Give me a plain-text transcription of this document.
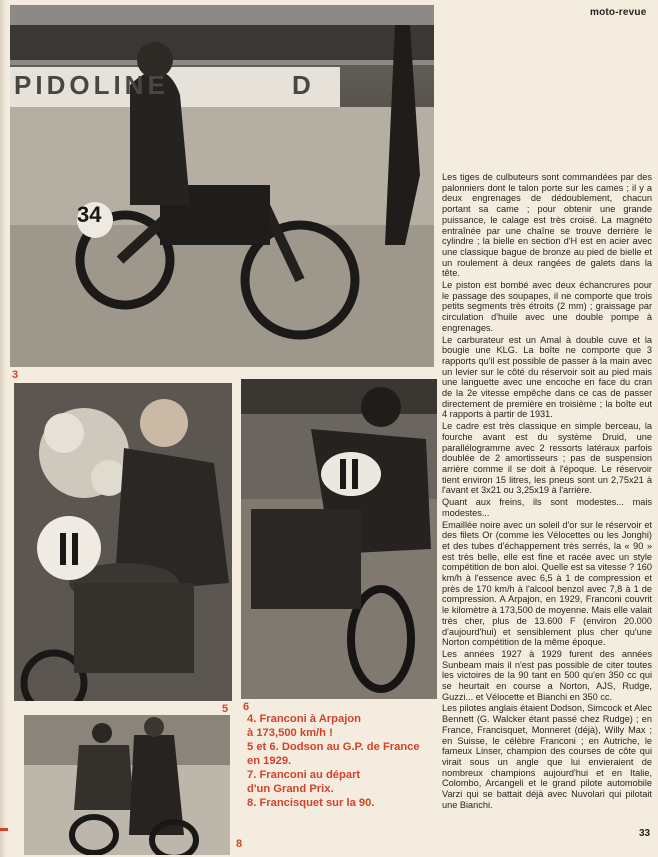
moto-revue
PIDOLINE	D
34
3
5 6
8

4. Franconi à Arpajon

à 173,500 km/h !

5 et 6. Dodson au G.P. de France

en 1929.

7. Franconi au départ

d'un Grand Prix.

8. Francisquet sur la 90.

Les tiges de culbuteurs sont commandées par des palonniers dont le talon porte sur les cames ; il y a deux engrenages de dédoublement, chacun portant sa came ; pour obtenir une grande puissance, le calage est très croisé. La magnéto entraînée par une chaîne se trouve derrière le cylindre ; la bielle en section d'H est en acier avec une classique bague de bronze au pied de bielle et un roulement à deux rangées de galets dans la tête.

Le piston est bombé avec deux échancrures pour le passage des soupapes, il ne comporte que trois petits segments très étroits (2 mm) ; graissage par circulation d'huile avec une double pompe à engrenages.

Le carburateur est un Amal à double cuve et la bougie une KLG. La boîte ne comporte que 3 rapports qu'il est possible de passer à la main avec un levier sur le côté du réservoir soit au pied mais une languette avec une encoche en face du cran de la 2e vitesse empêche dans ce cas de passer directement de première en troisième ; la boîte eut 4 rapports à partir de 1931.

Le cadre est très classique en simple berceau, la fourche avant est du système Druid, une parallélogramme avec 2 ressorts latéraux parfois doublée de 2 amortisseurs ; pas de suspension arrière comme il se doit à l'époque. Le réservoir tient environ 15 litres, les pneus sont un 2,75x21 à l'avant et 3x21 ou 3,25x19 à l'arrière.

Quant aux freins, ils sont modestes... mais modestes...

Emaillée noire avec un soleil d'or sur le réservoir et des filets Or (comme les Vélocettes ou les Jonghi) et des tubes d'échappement très serrés, la « 90 » est très belle, elle est fine et racée avec un style compétition de bon aloi. Quelle est sa vitesse ? 160 km/h à l'essence avec 6,5 à 1 de compression et près de 170 km/h à l'alcool benzol avec 7,8 à 1 de compression. A Arpajon, en 1929, Franconi couvrit le kilomètre à 173,500 de moyenne. Mais elle valait très cher, plus de 13.600 F (environ 20.000 d'aujourd'hui) et sensiblement plus cher qu'une Norton compétition de la même époque.

Les années 1927 à 1929 furent des années Sunbeam mais il n'est pas possible de citer toutes les victoires de la 90 tant en 500 qu'en 350 cc qui se heurtait en course a Norton, AJS, Rudge, Guzzi... et Vélocette et Bianchi en 350 cc.

Les pilotes anglais étaient Dodson, Simcock et Alec Bennett (G. Walcker étant passé chez Rudge) ; en France, Francisquet, Monneret (déjà), Willy Max ; en Suisse, le célèbre Franconi ; en Autriche, le fameux Linser, champion des courses de côte qui virait sous un angle que lui envieraient de nombreux champions aujourd'hui et en Italie, Colombo, Arcangeli et le grand pilote automobile Varzi qui se battait déjà avec Nuvolari qui pilotait une Bianchi.

33
